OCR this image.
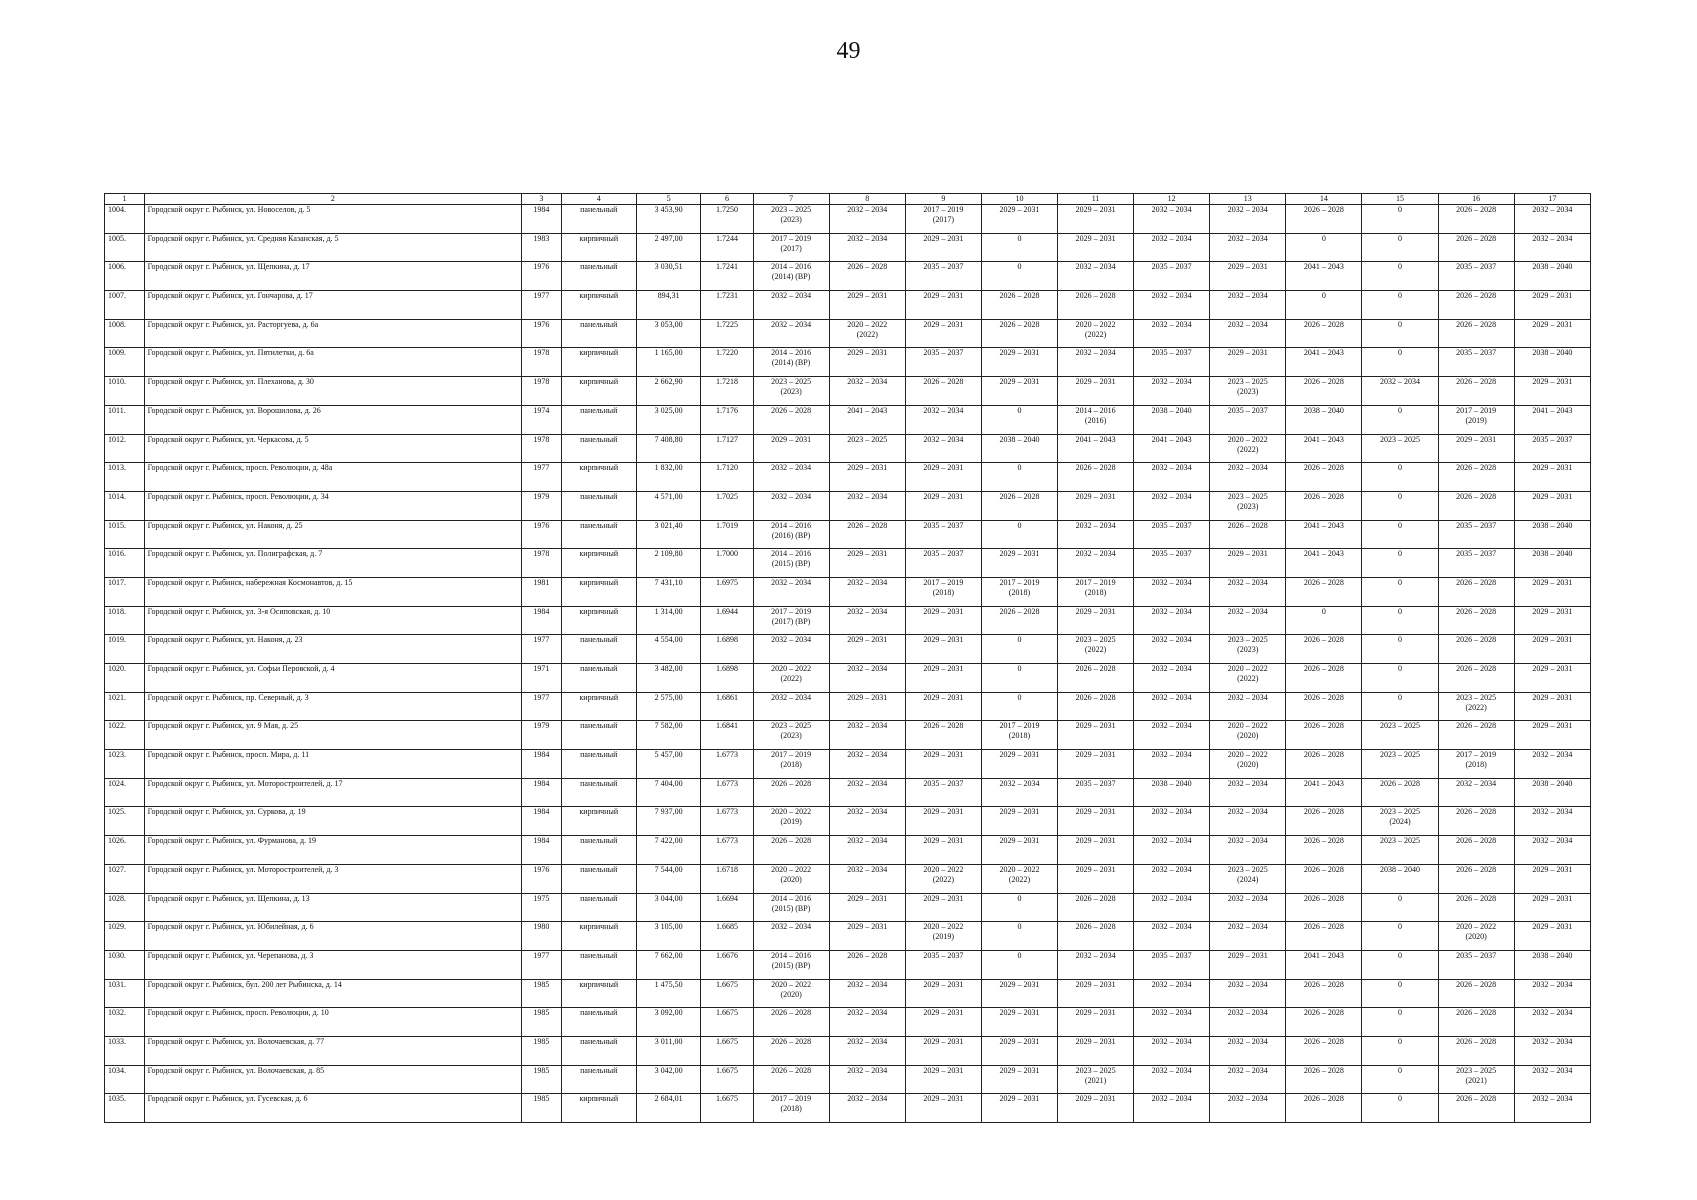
49
1	2	3	4	5	6	7	8	9	10	11	12	13	14	15	16	17
1004.	Городской округ г. Рыбинск, ул. Новоселов, д. 5	1984	панельный	3 453,90	1.7250	2023 – 2025
(2023)	2032 – 2034	2017 – 2019
(2017)	2029 – 2031	2029 – 2031	2032 – 2034	2032 – 2034	2026 – 2028	0	2026 – 2028	2032 – 2034
1005.	Городской округ г. Рыбинск, ул. Средняя Казанская, д. 5	1983	кирпичный	2 497,00	1.7244	2017 – 2019
(2017)	2032 – 2034	2029 – 2031	0	2029 – 2031	2032 – 2034	2032 – 2034	0	0	2026 – 2028	2032 – 2034
1006.	Городской округ г. Рыбинск, ул. Щепкина, д. 17	1976	панельный	3 030,51	1.7241	2014 – 2016
(2014) (ВР)	2026 – 2028	2035 – 2037	0	2032 – 2034	2035 – 2037	2029 – 2031	2041 – 2043	0	2035 – 2037	2038 – 2040
1007.	Городской округ г. Рыбинск, ул. Гончарова, д. 17	1977	кирпичный	894,31	1.7231	2032 – 2034	2029 – 2031	2029 – 2031	2026 – 2028	2026 – 2028	2032 – 2034	2032 – 2034	0	0	2026 – 2028	2029 – 2031
1008.	Городской округ г. Рыбинск, ул. Расторгуева, д. 6а	1976	панельный	3 053,00	1.7225	2032 – 2034	2020 – 2022
(2022)	2029 – 2031	2026 – 2028	2020 – 2022
(2022)	2032 – 2034	2032 – 2034	2026 – 2028	0	2026 – 2028	2029 – 2031
1009.	Городской округ г. Рыбинск, ул. Пятилетки, д. 6а	1978	кирпичный	1 165,00	1.7220	2014 – 2016
(2014) (ВР)	2029 – 2031	2035 – 2037	2029 – 2031	2032 – 2034	2035 – 2037	2029 – 2031	2041 – 2043	0	2035 – 2037	2038 – 2040
1010.	Городской округ г. Рыбинск, ул. Плеханова, д. 30	1978	кирпичный	2 662,90	1.7218	2023 – 2025
(2023)	2032 – 2034	2026 – 2028	2029 – 2031	2029 – 2031	2032 – 2034	2023 – 2025
(2023)	2026 – 2028	2032 – 2034	2026 – 2028	2029 – 2031
1011.	Городской округ г. Рыбинск, ул. Ворошилова, д. 26	1974	панельный	3 025,00	1.7176	2026 – 2028	2041 – 2043	2032 – 2034	0	2014 – 2016
(2016)	2038 – 2040	2035 – 2037	2038 – 2040	0	2017 – 2019
(2019)	2041 – 2043
1012.	Городской округ г. Рыбинск, ул. Черкасова, д. 5	1978	панельный	7 408,80	1.7127	2029 – 2031	2023 – 2025	2032 – 2034	2038 – 2040	2041 – 2043	2041 – 2043	2020 – 2022
(2022)	2041 – 2043	2023 – 2025	2029 – 2031	2035 – 2037
1013.	Городской округ г. Рыбинск, просп. Революции, д. 48а	1977	кирпичный	1 832,00	1.7120	2032 – 2034	2029 – 2031	2029 – 2031	0	2026 – 2028	2032 – 2034	2032 – 2034	2026 – 2028	0	2026 – 2028	2029 – 2031
1014.	Городской округ г. Рыбинск, просп. Революции, д. 34	1979	панельный	4 571,00	1.7025	2032 – 2034	2032 – 2034	2029 – 2031	2026 – 2028	2029 – 2031	2032 – 2034	2023 – 2025
(2023)	2026 – 2028	0	2026 – 2028	2029 – 2031
1015.	Городской округ г. Рыбинск, ул. Наконя, д. 25	1976	панельный	3 021,40	1.7019	2014 – 2016
(2016) (ВР)	2026 – 2028	2035 – 2037	0	2032 – 2034	2035 – 2037	2026 – 2028	2041 – 2043	0	2035 – 2037	2038 – 2040
1016.	Городской округ г. Рыбинск, ул. Полиграфская, д. 7	1978	кирпичный	2 109,80	1.7000	2014 – 2016
(2015) (ВР)	2029 – 2031	2035 – 2037	2029 – 2031	2032 – 2034	2035 – 2037	2029 – 2031	2041 – 2043	0	2035 – 2037	2038 – 2040
1017.	Городской округ г. Рыбинск, набережная Космонавтов, д. 15	1981	кирпичный	7 431,10	1.6975	2032 – 2034	2032 – 2034	2017 – 2019
(2018)	2017 – 2019
(2018)	2017 – 2019
(2018)	2032 – 2034	2032 – 2034	2026 – 2028	0	2026 – 2028	2029 – 2031
1018.	Городской округ г. Рыбинск, ул. 3-я Осиповская, д. 10	1984	кирпичный	1 314,00	1.6944	2017 – 2019
(2017) (ВР)	2032 – 2034	2029 – 2031	2026 – 2028	2029 – 2031	2032 – 2034	2032 – 2034	0	0	2026 – 2028	2029 – 2031
1019.	Городской округ г. Рыбинск, ул. Наконя, д. 23	1977	панельный	4 554,00	1.6898	2032 – 2034	2029 – 2031	2029 – 2031	0	2023 – 2025
(2022)	2032 – 2034	2023 – 2025
(2023)	2026 – 2028	0	2026 – 2028	2029 – 2031
1020.	Городской округ г. Рыбинск, ул. Софьи Перовской, д. 4	1971	панельный	3 482,00	1.6898	2020 – 2022
(2022)	2032 – 2034	2029 – 2031	0	2026 – 2028	2032 – 2034	2020 – 2022
(2022)	2026 – 2028	0	2026 – 2028	2029 – 2031
1021.	Городской округ г. Рыбинск, пр. Северный, д. 3	1977	кирпичный	2 575,00	1.6861	2032 – 2034	2029 – 2031	2029 – 2031	0	2026 – 2028	2032 – 2034	2032 – 2034	2026 – 2028	0	2023 – 2025
(2022)	2029 – 2031
1022.	Городской округ г. Рыбинск, ул. 9 Мая, д. 25	1979	панельный	7 582,00	1.6841	2023 – 2025
(2023)	2032 – 2034	2026 – 2028	2017 – 2019
(2018)	2029 – 2031	2032 – 2034	2020 – 2022
(2020)	2026 – 2028	2023 – 2025	2026 – 2028	2029 – 2031
1023.	Городской округ г. Рыбинск, просп. Мира, д. 11	1984	панельный	5 457,00	1.6773	2017 – 2019
(2018)	2032 – 2034	2029 – 2031	2029 – 2031	2029 – 2031	2032 – 2034	2020 – 2022
(2020)	2026 – 2028	2023 – 2025	2017 – 2019
(2018)	2032 – 2034
1024.	Городской округ г. Рыбинск, ул. Моторостроителей, д. 17	1984	панельный	7 404,00	1.6773	2026 – 2028	2032 – 2034	2035 – 2037	2032 – 2034	2035 – 2037	2038 – 2040	2032 – 2034	2041 – 2043	2026 – 2028	2032 – 2034	2038 – 2040
1025.	Городской округ г. Рыбинск, ул. Суркова, д. 19	1984	кирпичный	7 937,00	1.6773	2020 – 2022
(2019)	2032 – 2034	2029 – 2031	2029 – 2031	2029 – 2031	2032 – 2034	2032 – 2034	2026 – 2028	2023 – 2025
(2024)	2026 – 2028	2032 – 2034
1026.	Городской округ г. Рыбинск, ул. Фурманова, д. 19	1984	панельный	7 422,00	1.6773	2026 – 2028	2032 – 2034	2029 – 2031	2029 – 2031	2029 – 2031	2032 – 2034	2032 – 2034	2026 – 2028	2023 – 2025	2026 – 2028	2032 – 2034
1027.	Городской округ г. Рыбинск, ул. Моторостроителей, д. 3	1976	панельный	7 544,00	1.6718	2020 – 2022
(2020)	2032 – 2034	2020 – 2022
(2022)	2020 – 2022
(2022)	2029 – 2031	2032 – 2034	2023 – 2025
(2024)	2026 – 2028	2038 – 2040	2026 – 2028	2029 – 2031
1028.	Городской округ г. Рыбинск, ул. Щепкина, д. 13	1975	панельный	3 044,00	1.6694	2014 – 2016
(2015) (ВР)	2029 – 2031	2029 – 2031	0	2026 – 2028	2032 – 2034	2032 – 2034	2026 – 2028	0	2026 – 2028	2029 – 2031
1029.	Городской округ г. Рыбинск, ул. Юбилейная, д. 6	1980	кирпичный	3 105,00	1.6685	2032 – 2034	2029 – 2031	2020 – 2022
(2019)	0	2026 – 2028	2032 – 2034	2032 – 2034	2026 – 2028	0	2020 – 2022
(2020)	2029 – 2031
1030.	Городской округ г. Рыбинск, ул. Черепанова, д. 3	1977	панельный	7 662,00	1.6676	2014 – 2016
(2015) (ВР)	2026 – 2028	2035 – 2037	0	2032 – 2034	2035 – 2037	2029 – 2031	2041 – 2043	0	2035 – 2037	2038 – 2040
1031.	Городской округ г. Рыбинск, бул. 200 лет Рыбинска, д. 14	1985	кирпичный	1 475,50	1.6675	2020 – 2022
(2020)	2032 – 2034	2029 – 2031	2029 – 2031	2029 – 2031	2032 – 2034	2032 – 2034	2026 – 2028	0	2026 – 2028	2032 – 2034
1032.	Городской округ г. Рыбинск, просп. Революции, д. 10	1985	панельный	3 092,00	1.6675	2026 – 2028	2032 – 2034	2029 – 2031	2029 – 2031	2029 – 2031	2032 – 2034	2032 – 2034	2026 – 2028	0	2026 – 2028	2032 – 2034
1033.	Городской округ г. Рыбинск, ул. Волочаевская, д. 77	1985	панельный	3 011,00	1.6675	2026 – 2028	2032 – 2034	2029 – 2031	2029 – 2031	2029 – 2031	2032 – 2034	2032 – 2034	2026 – 2028	0	2026 – 2028	2032 – 2034
1034.	Городской округ г. Рыбинск, ул. Волочаевская, д. 85	1985	панельный	3 042,00	1.6675	2026 – 2028	2032 – 2034	2029 – 2031	2029 – 2031	2023 – 2025
(2021)	2032 – 2034	2032 – 2034	2026 – 2028	0	2023 – 2025
(2021)	2032 – 2034
1035.	Городской округ г. Рыбинск, ул. Гусевская, д. 6	1985	кирпичный	2 684,01	1.6675	2017 – 2019
(2018)	2032 – 2034	2029 – 2031	2029 – 2031	2029 – 2031	2032 – 2034	2032 – 2034	2026 – 2028	0	2026 – 2028	2032 – 2034
